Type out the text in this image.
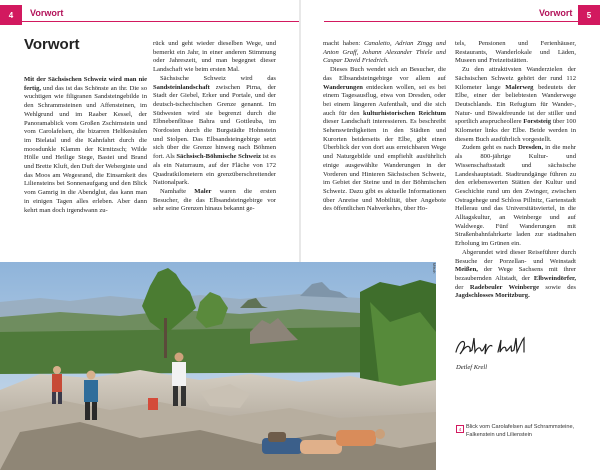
4	Vorwort
Vorwort

Mit der Sächsischen Schweiz wird man nie fertig, und das ist das Schönste an ihr. Die so wuchtigen wie filigranen Sandsteingebilde in den Schrammsteinen und Affensteinen, im Wehlgrund und im Raaber Kessel, der Panoramablick vom Großen Zschirnstein und vom Carolafelsen, die bizarren Helikesäulen im Bielatal und die Kahnfahrt durch die moosdunkle Klamm der Kirnitzsch; Wilde Hölle und Heilige Stege, Bastei und Brand und Brette Kluft, den Duft der Weberginte und das Moos am Wegesrand, die Einsamkeit des Liliensteins bei Sonnenaufgang und den Blick vom Gamrig in die Abendglut, das kann man in einigen Tagen alles erleben. Aber dann kehrt man doch irgendwann zu-

rück und geht wieder dieselben Wege, und bemerkt ein Jahr, in einer anderen Stimmung oder Jahreszeit, und man begegnet dieser Landschaft wie beim ersten Mal.

Sächsische Schweiz wird das Sandsteinlandschaft zwischen Pirna, der Stadt der Giebel, Erker und Portale, und der deutsch-tschechischen Grenze genannt. Im Südwesten wird sie begrenzt durch die Elbnebenflüsse Bahra und Gottleuba, im Nordosten durch die Burgstädte Hohnstein und Stolpen. Das Elbsandsteingebirge setzt sich über die Grenze hinweg nach Böhmen fort. Als Sächsisch-Böhmische Schweiz ist es als ein Naturraum, auf der Fläche von 172 Quadratkilometern ein grenzüberschreitender Nationalpark.

Namhafte Maler waren die ersten Besucher, die das Elbsandsteingebirge vor sehr seine Grenzen hinaus bekannt ge-

Vorwort	5

macht haben: Canaletto, Adrian Zingg und Anton Graff, Johann Alexander Thiele und Caspar David Friedrich.

Dieses Buch wendet sich an Besucher, die das Elbsandsteingebirge vor allem auf Wanderungen entdecken wollen, sei es bei einem Tagesausflug, etwa von Dresden, oder bei einem längeren Aufenthalt, und die sich auch für den kulturhistorischen Reichtum dieser Landschaft interessieren. Es beschreibt Sehenswürdigkeiten in den Städten und Kurorten beiderseits der Elbe, gibt einen Überblick der von dort aus erreichbaren Wege und Naturgebilde und empfiehlt ausführlich einige ausgewählte Wanderungen in der Vorderen und Hinteren Sächsischen Schweiz, im Gebiet der Steine und in der Böhmischen Schweiz. Dazu gibt es aktuelle Informationen über Anreise und Mobilität, über Angebote des öffentlichen Nahverkehrs, über Ho-

tels, Pensionen und Ferienhäuser, Restaurants, Wanderlokale und Läden, Museen und Freizeitstätten.

Zu den attraktivsten Wanderzielen der Sächsischen Schweiz gehört der rund 112 Kilometer lange Malerweg bedeutets der Elbe, einer der beliebtesten Wanderwege Deutschlands. Ein Refugium für Wander-, Natur- und Biwakfreunde ist der stiller und sportlich ansprucheollere Forststeig über 100 Kilometer links der Elbe. Beide werden in diesem Buch ausführlich vorgestellt.

Zudem geht es nach Dresden, in die mehr als 800-jährige Kultur- und Wissenschaftsstadt und sächsische Landeshauptstadt. Stadtrundgänge führen zu den erlebenswerten Stätten der Kultur und Geschichte rund um den Zwinger, zwischen Ostragehege und Schloss Pillnitz, Gartenstadt Hellerau und das Universitätsviertel, in die Alltagskultur, an Weinberge und auf Waldwege. Fünf Wanderungen mit Straßenbahnfahrkarte laden zur stadtnahen Erholung im Grünen ein.

Abgerundet wird dieser Reiseführer durch Besuche der Porzellan- und Weinstadt Meißen, der Wege Sachsens mit ihrer bezaubernden Altstadt, der Elbweindörfer, der Radebeuler Weinberge sowie des Jagdschlosses Moritzburg.

Mitsch
Detlef Krell
4 Blick vom Carolafelsen auf Schrammsteine, Falkenstein und Lilienstein
